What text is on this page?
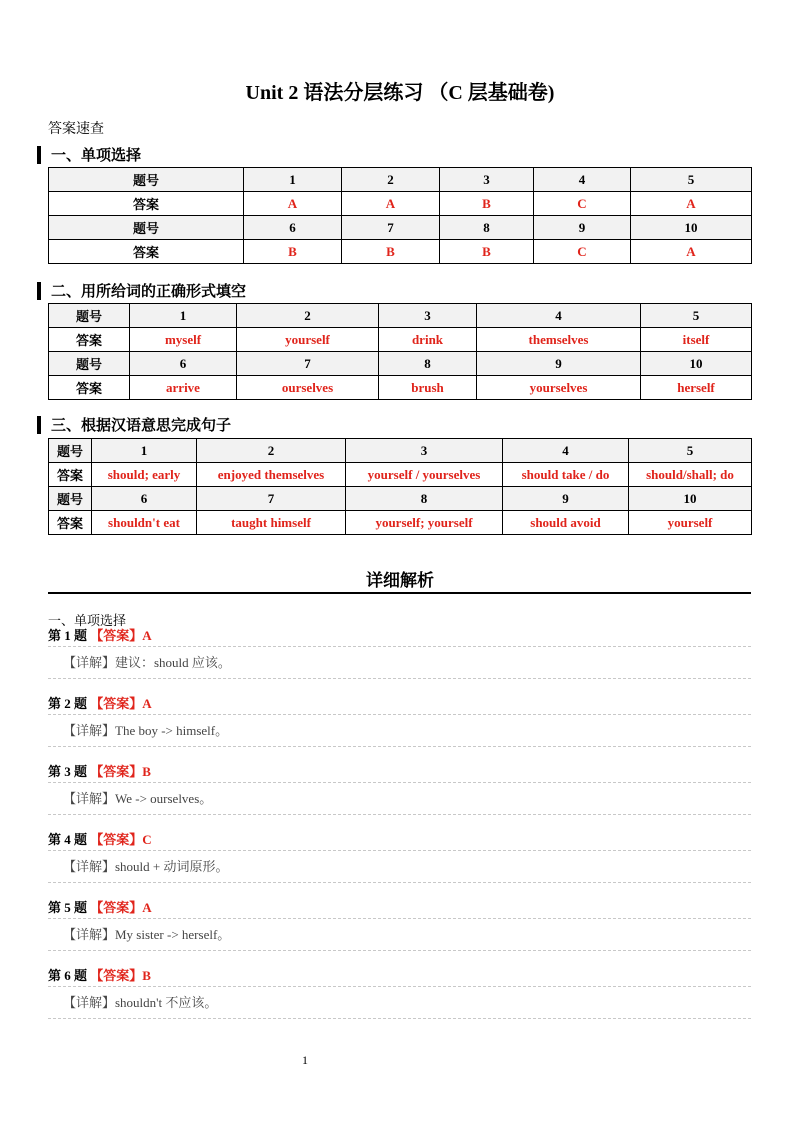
Unit 2 语法分层练习 （C 层基础卷)
答案速查
一、单项选择
题号	1	2	3	4	5
答案	A	A	B	C	A
题号	6	7	8	9	10
答案	B	B	B	C	A
二、用所给词的正确形式填空
题号	1	2	3	4	5
答案	myself	yourself	drink	themselves	itself
题号	6	7	8	9	10
答案	arrive	ourselves	brush	yourselves	herself
三、根据汉语意思完成句子
题号	1	2	3	4	5
答案	should; early	enjoyed themselves	yourself / yourselves	should take / do	should/shall; do
题号	6	7	8	9	10
答案	shouldn't eat	taught himself	yourself; yourself	should avoid	yourself
详细解析
一、单项选择
第 1 题 【答案】A
【详解】建议：should 应该。
第 2 题 【答案】A
【详解】The boy -> himself。
第 3 题 【答案】B
【详解】We -> ourselves。
第 4 题 【答案】C
【详解】should + 动词原形。
第 5 题 【答案】A
【详解】My sister -> herself。
第 6 题 【答案】B
【详解】shouldn't 不应该。
1
